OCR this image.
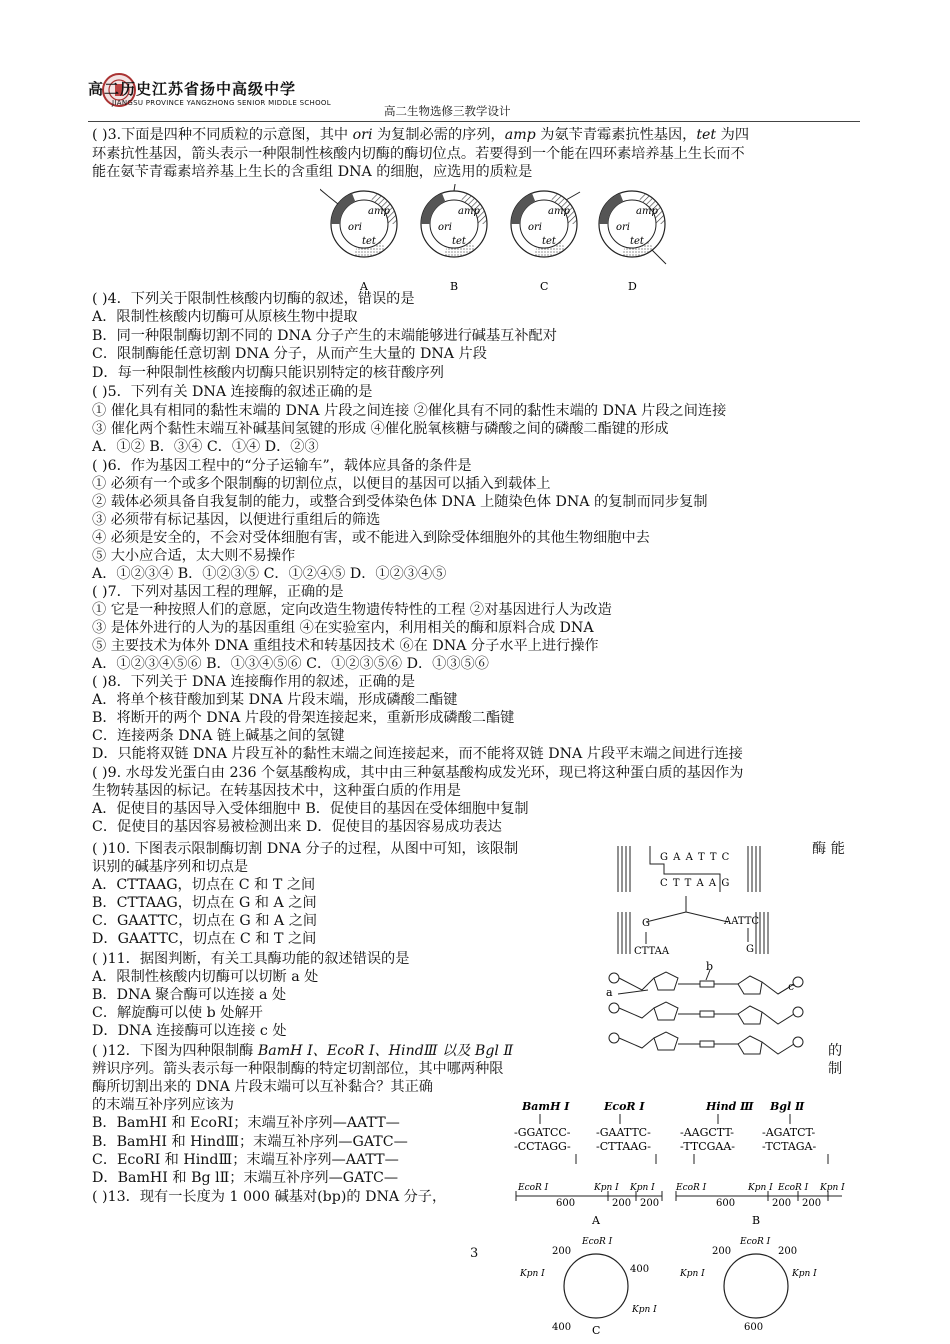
高二历史江苏省扬中高级中学
JIANGSU PROVINCE YANGZHONG SENIOR MIDDLE SCHOOL
高二生物选修三教学设计
( )3.下面是四种不同质粒的示意图，其中 ori 为复制必需的序列，amp 为氨苄青霉素抗性基因，tet 为四
环素抗性基因，箭头表示一种限制性核酸内切酶的酶切位点。若要得到一个能在四环素培养基上生长而不
能在氨苄青霉素培养基上生长的含重组 DNA 的细胞，应选用的质粒是
ori
amp
tet
A
ori
amp
tet
B
ori
amp
tet
C
ori
amp
tet
D
( )4．下列关于限制性核酸内切酶的叙述，错误的是
A．限制性核酸内切酶可从原核生物中提取
B．同一种限制酶切割不同的 DNA 分子产生的末端能够进行碱基互补配对
C．限制酶能任意切割 DNA 分子，从而产生大量的 DNA 片段
D．每一种限制性核酸内切酶只能识别特定的核苷酸序列
( )5．下列有关 DNA 连接酶的叙述正确的是
① 催化具有相同的黏性末端的 DNA 片段之间连接 ②催化具有不同的黏性末端的 DNA 片段之间连接
③ 催化两个黏性末端互补碱基间氢键的形成 ④催化脱氧核糖与磷酸之间的磷酸二酯键的形成
A．①② B．③④ C．①④ D．②③
( )6．作为基因工程中的“分子运输车”，载体应具备的条件是
① 必须有一个或多个限制酶的切割位点，以便目的基因可以插入到载体上
② 载体必须具备自我复制的能力，或整合到受体染色体 DNA 上随染色体 DNA 的复制而同步复制
③ 必须带有标记基因，以便进行重组后的筛选
④ 必须是安全的，不会对受体细胞有害，或不能进入到除受体细胞外的其他生物细胞中去
⑤ 大小应合适，太大则不易操作
A．①②③④ B．①②③⑤ C．①②④⑤ D．①②③④⑤
( )7．下列对基因工程的理解，正确的是
① 它是一种按照人们的意愿，定向改造生物遗传特性的工程 ②对基因进行人为改造
③ 是体外进行的人为的基因重组 ④在实验室内，利用相关的酶和原料合成 DNA
⑤ 主要技术为体外 DNA 重组技术和转基因技术 ⑥在 DNA 分子水平上进行操作
A．①②③④⑤⑥ B．①③④⑤⑥ C．①②③⑤⑥ D．①③⑤⑥
( )8．下列关于 DNA 连接酶作用的叙述，正确的是
A．将单个核苷酸加到某 DNA 片段末端，形成磷酸二酯键
B．将断开的两个 DNA 片段的骨架连接起来，重新形成磷酸二酯键
C．连接两条 DNA 链上碱基之间的氢键
D．只能将双链 DNA 片段互补的黏性末端之间连接起来，而不能将双链 DNA 片段平末端之间进行连接
( )9. 水母发光蛋白由 236 个氨基酸构成，其中由三种氨基酸构成发光环，现已将这种蛋白质的基因作为
生物转基因的标记。在转基因技术中，这种蛋白质的作用是
A．促使目的基因导入受体细胞中 B．促使目的基因在受体细胞中复制
C．促使目的基因容易被检测出来 D．促使目的基因容易成功表达
( )10. 下图表示限制酶切割 DNA 分子的过程，从图中可知，该限制	酶 能
识别的碱基序列和切点是
A．CTTAAG，切点在 C 和 T 之间
B．CTTAAG，切点在 G 和 A 之间
C．GAATTC，切点在 G 和 A 之间
D．GAATTC，切点在 C 和 T 之间
G A A T T C
C T T A A G
G
CTTAA
AATTC
G
( )11．据图判断，有关工具酶功能的叙述错误的是
A．限制性核酸内切酶可以切断 a 处
B．DNA 聚合酶可以连接 a 处
C．解旋酶可以使 b 处解开
D．DNA 连接酶可以连接 c 处
b
a	c
( )12．下图为四种限制酶 BamH Ⅰ、EcoR Ⅰ、HindⅢ 以及 Bgl Ⅱ	的
辨识序列。箭头表示每一种限制酶的特定切割部位，其中哪两种限	制
酶所切割出来的 DNA 片段末端可以互补黏合？其正确
的末端互补序列应该为
B．BamHⅠ 和 EcoRⅠ；末端互补序列—AATT—
B．BamHⅠ 和 HindⅢ；末端互补序列—GATC—
C．EcoRⅠ 和 HindⅢ；末端互补序列—AATT—
D．BamHⅠ 和 Bg lⅡ；末端互补序列—GATC—
BamH Ⅰ	EcoR Ⅰ	Hind Ⅲ Bgl Ⅱ
-GGATCC- -GAATTC-	-AAGCTT-	-AGATCT-
-CCTAGG- -CTTAAG-	-TTCGAA- -TCTAGA-
( )13．现有一长度为 1 000 碱基对(bp)的 DNA 分子，
EcoR Ⅰ	Kpn Ⅰ Kpn Ⅰ
600	200 200
A
EcoR Ⅰ	Kpn Ⅰ EcoR Ⅰ Kpn Ⅰ
600	200 200
B
EcoR Ⅰ
Kpn Ⅰ
Kpn Ⅰ
200
400
400 C
EcoR Ⅰ
Kpn Ⅰ	Kpn Ⅰ
200	200
600
3
